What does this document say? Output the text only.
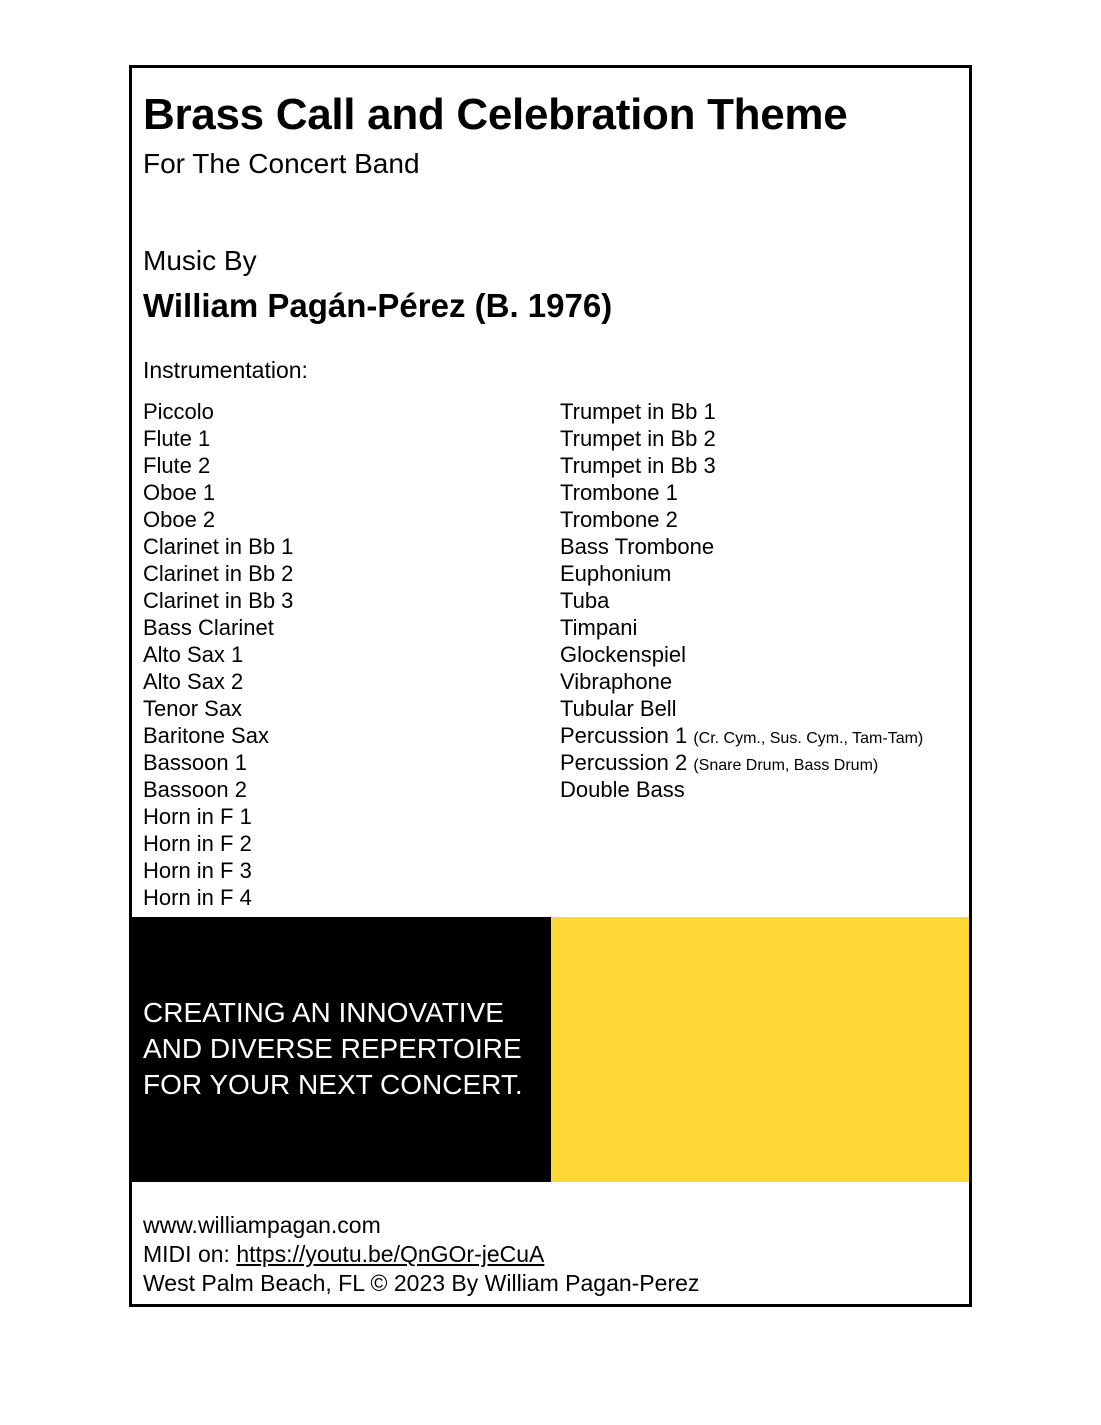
Brass Call and Celebration Theme
For The Concert Band
Music By
William Pagán-Pérez (B. 1976)
Instrumentation:
Piccolo
Flute 1
Flute 2
Oboe 1
Oboe 2
Clarinet in Bb 1
Clarinet in Bb 2
Clarinet in Bb 3
Bass Clarinet
Alto Sax 1
Alto Sax 2
Tenor Sax
Baritone Sax
Bassoon 1
Bassoon 2
Horn in F 1
Horn in F 2
Horn in F 3
Horn in F 4
Trumpet in Bb 1
Trumpet in Bb 2
Trumpet in Bb 3
Trombone 1
Trombone 2
Bass Trombone
Euphonium
Tuba
Timpani
Glockenspiel
Vibraphone
Tubular Bell
Percussion 1 (Cr. Cym., Sus. Cym., Tam-Tam)
Percussion 2 (Snare Drum, Bass Drum)
Double Bass
CREATING AN INNOVATIVE
AND DIVERSE REPERTOIRE
FOR YOUR NEXT CONCERT.
www.williampagan.com
MIDI on: https://youtu.be/QnGOr-jeCuA
West Palm Beach, FL © 2023 By William Pagan-Perez
